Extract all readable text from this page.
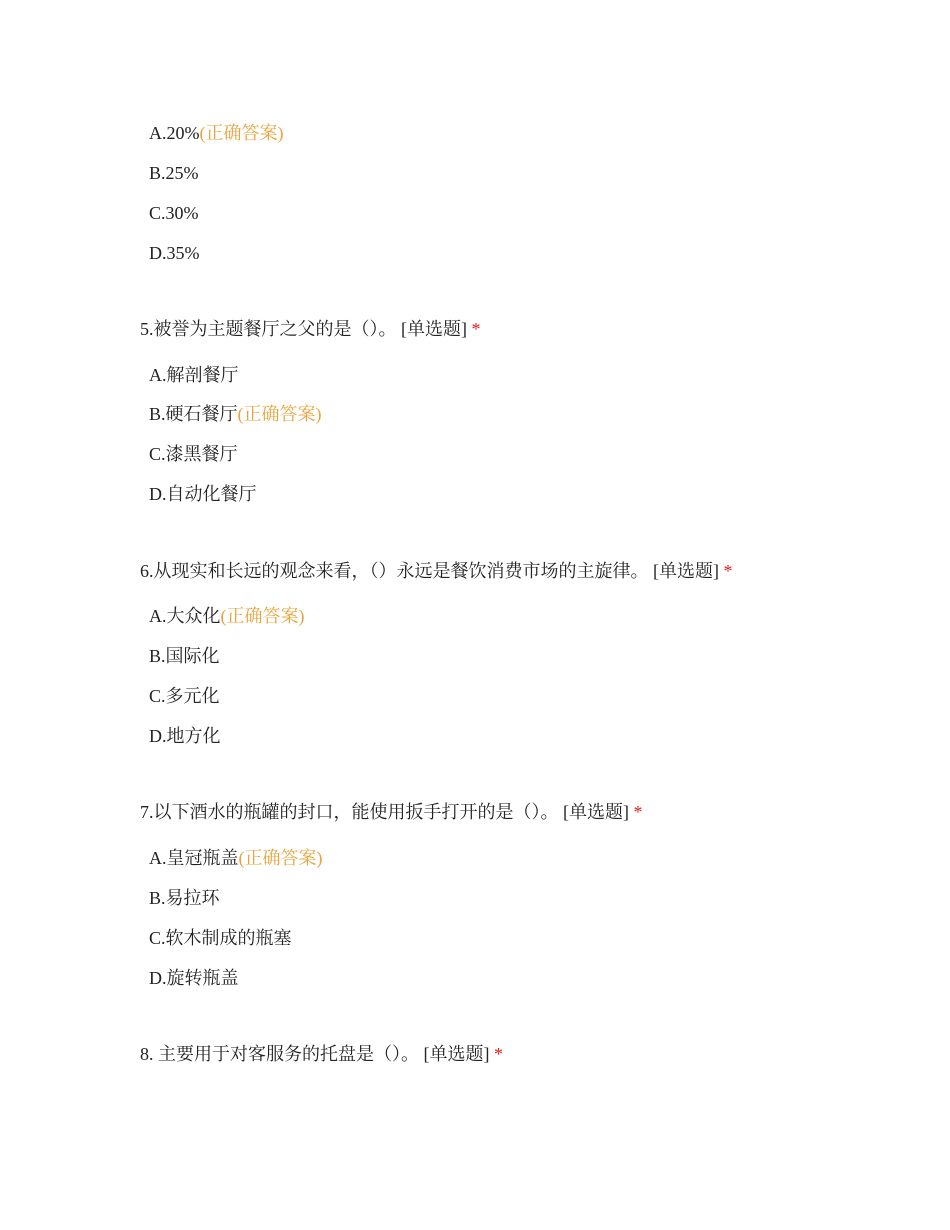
A.20%(正确答案)
B.25%
C.30%
D.35%
5.被誉为主题餐厅之父的是（）。 [单选题] *
A.解剖餐厅
B.硬石餐厅(正确答案)
C.漆黑餐厅
D.自动化餐厅
6.从现实和长远的观念来看，（）永远是餐饮消费市场的主旋律。 [单选题] *
A.大众化(正确答案)
B.国际化
C.多元化
D.地方化
7.以下酒水的瓶罐的封口，能使用扳手打开的是（）。 [单选题] *
A.皇冠瓶盖(正确答案)
B.易拉环
C.软木制成的瓶塞
D.旋转瓶盖
8. 主要用于对客服务的托盘是（）。 [单选题] *
